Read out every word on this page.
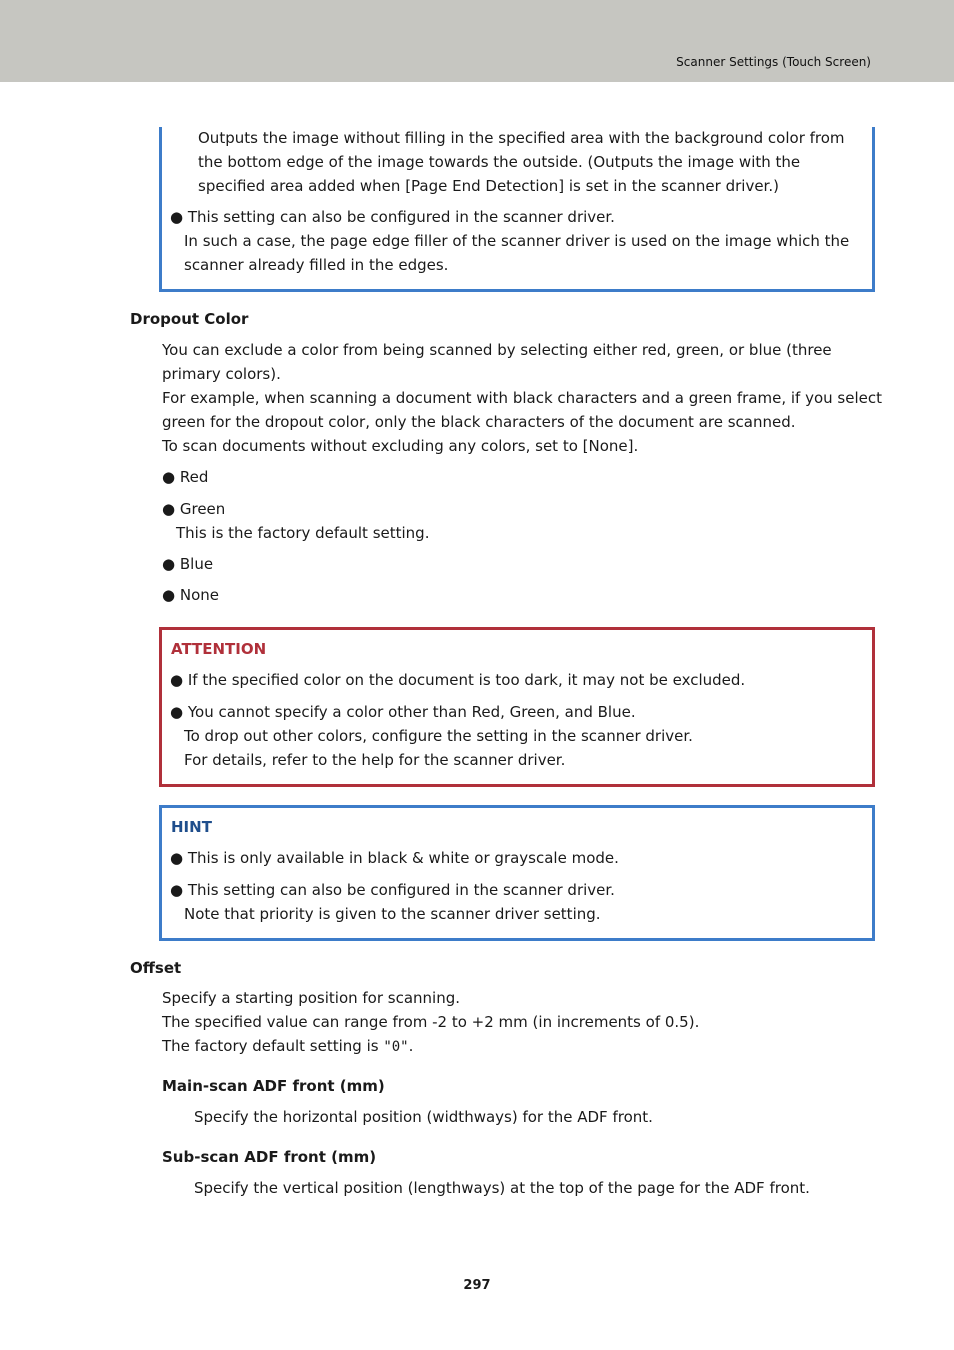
Scanner Settings (Touch Screen)
Outputs the image without filling in the specified area with the background color from
the bottom edge of the image towards the outside. (Outputs the image with the
specified area added when [Page End Detection] is set in the scanner driver.)
● This setting can also be configured in the scanner driver.
In such a case, the page edge filler of the scanner driver is used on the image which the
scanner already filled in the edges.
Dropout Color
You can exclude a color from being scanned by selecting either red, green, or blue (three
primary colors).
For example, when scanning a document with black characters and a green frame, if you select
green for the dropout color, only the black characters of the document are scanned.
To scan documents without excluding any colors, set to [None].
● Red
● Green
This is the factory default setting.
● Blue
● None
ATTENTION
● If the specified color on the document is too dark, it may not be excluded.
● You cannot specify a color other than Red, Green, and Blue.
To drop out other colors, configure the setting in the scanner driver.
For details, refer to the help for the scanner driver.
HINT
● This is only available in black & white or grayscale mode.
● This setting can also be configured in the scanner driver.
Note that priority is given to the scanner driver setting.
Offset
Specify a starting position for scanning.
The specified value can range from -2 to +2 mm (in increments of 0.5).
The factory default setting is "0".
Main-scan ADF front (mm)
Specify the horizontal position (widthways) for the ADF front.
Sub-scan ADF front (mm)
Specify the vertical position (lengthways) at the top of the page for the ADF front.
297
